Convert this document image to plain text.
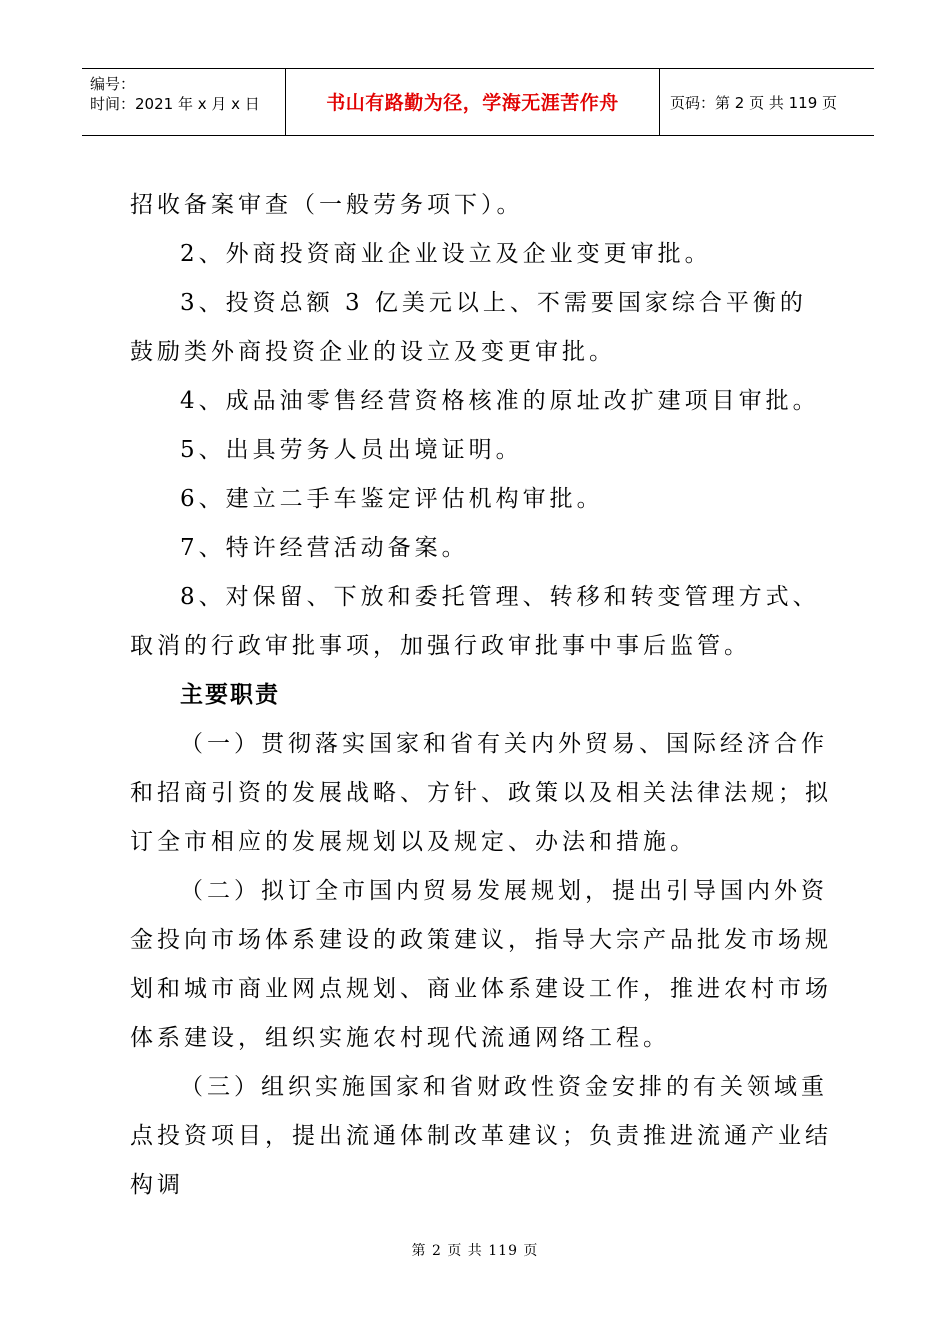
编号：
时间：2021 年 x 月 x 日	书山有路勤为径，学海无涯苦作舟	页码：第 2 页 共 119 页

招收备案审查（一般劳务项下）。

2、外商投资商业企业设立及企业变更审批。

3、投资总额 3 亿美元以上、不需要国家综合平衡的鼓励类外商投资企业的设立及变更审批。

4、成品油零售经营资格核准的原址改扩建项目审批。

5、出具劳务人员出境证明。

6、建立二手车鉴定评估机构审批。

7、特许经营活动备案。

8、对保留、下放和委托管理、转移和转变管理方式、取消的行政审批事项，加强行政审批事中事后监管。

主要职责

（一）贯彻落实国家和省有关内外贸易、国际经济合作和招商引资的发展战略、方针、政策以及相关法律法规；拟订全市相应的发展规划以及规定、办法和措施。

（二）拟订全市国内贸易发展规划，提出引导国内外资金投向市场体系建设的政策建议，指导大宗产品批发市场规划和城市商业网点规划、商业体系建设工作，推进农村市场体系建设，组织实施农村现代流通网络工程。

（三）组织实施国家和省财政性资金安排的有关领域重点投资项目，提出流通体制改革建议；负责推进流通产业结构调

第 2 页 共 119 页
